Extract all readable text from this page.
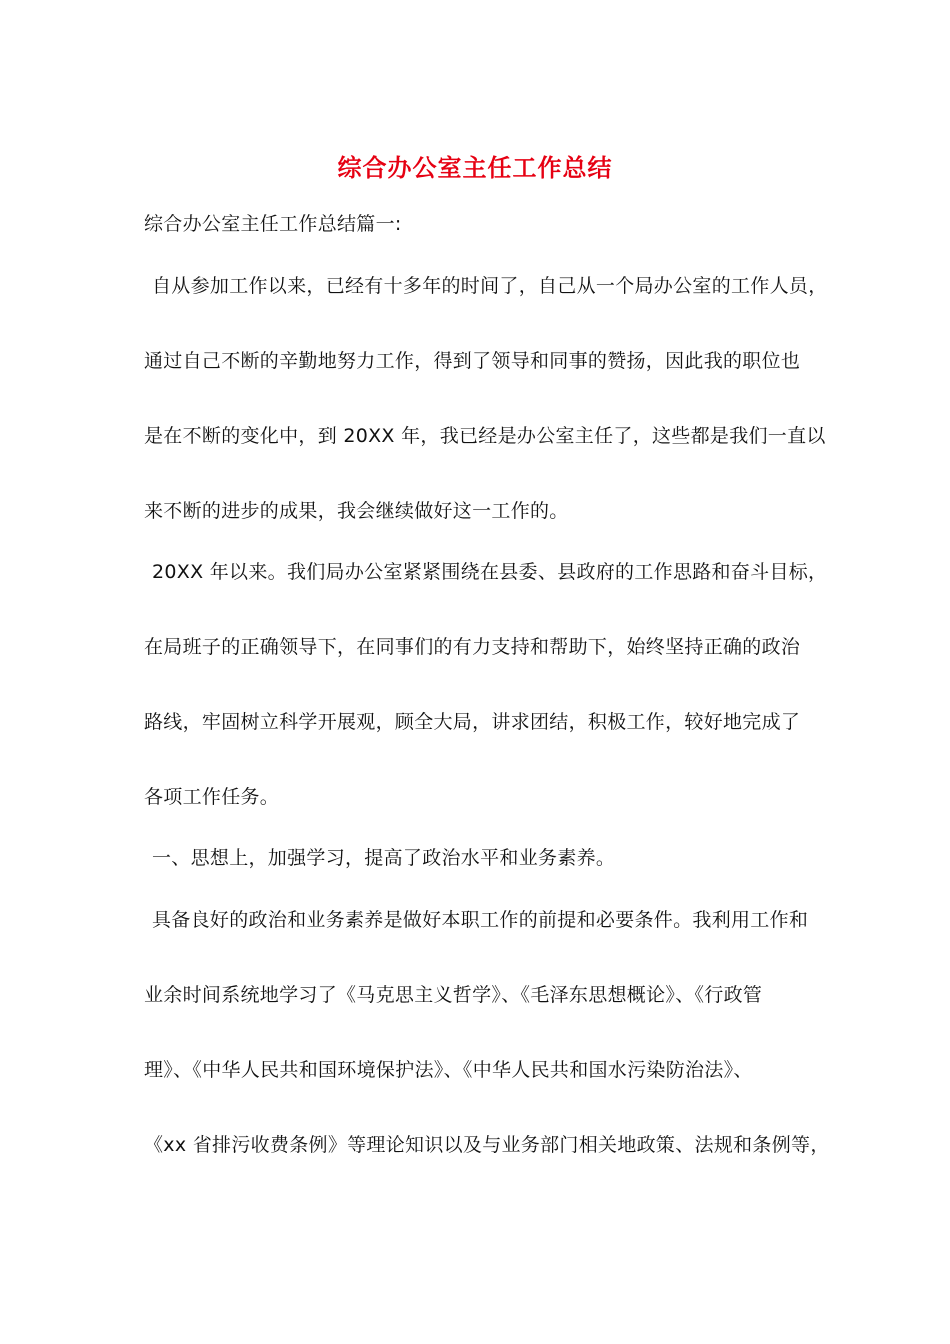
综合办公室主任工作总结
综合办公室主任工作总结篇一:
自从参加工作以来，已经有十多年的时间了，自己从一个局办公室的工作人员，
通过自己不断的辛勤地努力工作，得到了领导和同事的赞扬，因此我的职位也
是在不断的变化中，到 20XX 年，我已经是办公室主任了，这些都是我们一直以
来不断的进步的成果，我会继续做好这一工作的。
20XX 年以来。我们局办公室紧紧围绕在县委、县政府的工作思路和奋斗目标，
在局班子的正确领导下，在同事们的有力支持和帮助下，始终坚持正确的政治
路线，牢固树立科学开展观，顾全大局，讲求团结，积极工作，较好地完成了
各项工作任务。
一、思想上，加强学习，提高了政治水平和业务素养。
具备良好的政治和业务素养是做好本职工作的前提和必要条件。我利用工作和
业余时间系统地学习了《马克思主义哲学》、《毛泽东思想概论》、《行政管
理》、《中华人民共和国环境保护法》、《中华人民共和国水污染防治法》、
《xx 省排污收费条例》等理论知识以及与业务部门相关地政策、法规和条例等，
